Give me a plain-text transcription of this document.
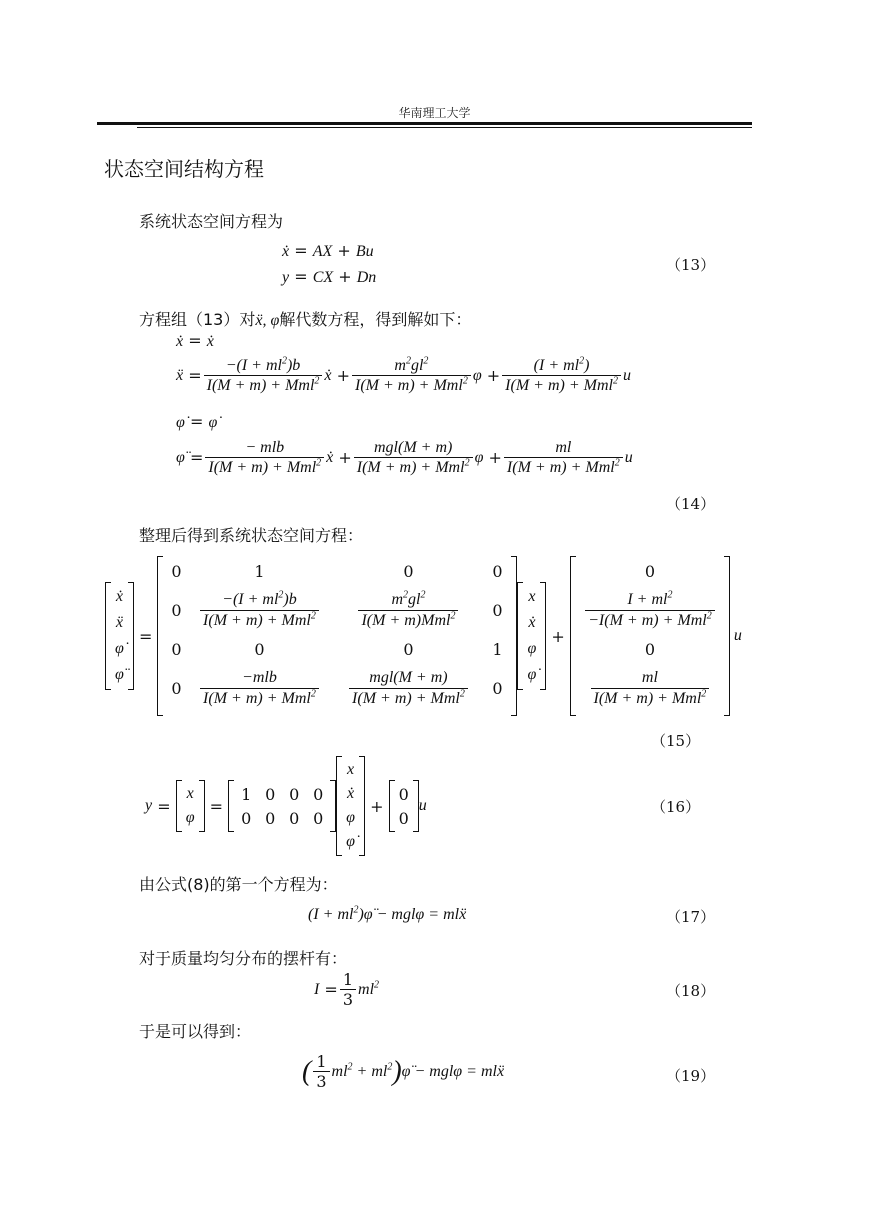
华南理工大学
状态空间结构方程
系统状态空间方程为
ẋ = AX + Bu
y = CX + Dn
（13）
方程组（13）对ẍ, φ̈解代数方程，得到解如下：
ẋ = ẋ
ẍ
= $\frac{-(I + ml^2)b}{I(M + m) + Mml^2}$ ẋ
+ $\frac{m^2gl^2}{I(M + m) + Mml^2}$ φ
+ $\frac{(I + ml^2)}{I(M + m) + Mml^2}$ u
φ̇ = φ̇
φ̈
= $\frac{\text{− mlb}}{I(M + m) + Mml^2}$ ẋ
+ $\frac{\text{mgl(M + m)}}{I(M + m) + Mml^2}$ φ
+ $\frac{ml}{I(M + m) + Mml^2}$ u
（14）
整理后得到系统状态空间方程：
ẋ
ẍ
φ̇
φ̈

=

0	1	0	0
$0 \frac{-(I + ml^2)b}{I(M + m) + Mml^2} \frac{m^2gl^2}{I(M + m)Mml^2} 0$
0	0	0	1
$0 \frac{\text{−mlb}}{I(M + m) + Mml^2} \frac{\text{mgl(M + m)}}{I(M + m) + Mml^2} 0$
x
ẋ
φ
φ̇

+

0
$\frac{I + ml^2}{-I(M + m) + Mml^2}$
0
$\frac{ml}{I(M + m) + Mml^2}$
u
（15）
y
=

x
φ

=

1 0 0 0
0 0 0 0
x
ẋ
φ
φ̇

+

0
0
u	（16）
由公式(8)的第一个方程为：
$(I + ml^2)\varphï - mgl\varphi$ = mlẍ	（17）
对于质量均匀分布的摆杆有：
I
= $\frac{1}{3} ml^2$	（18）
于是可以得到：
( $\frac{1}{3} ml^2 + ml^2$ ) φ̈ − mglφ = mlẍ	（19）
